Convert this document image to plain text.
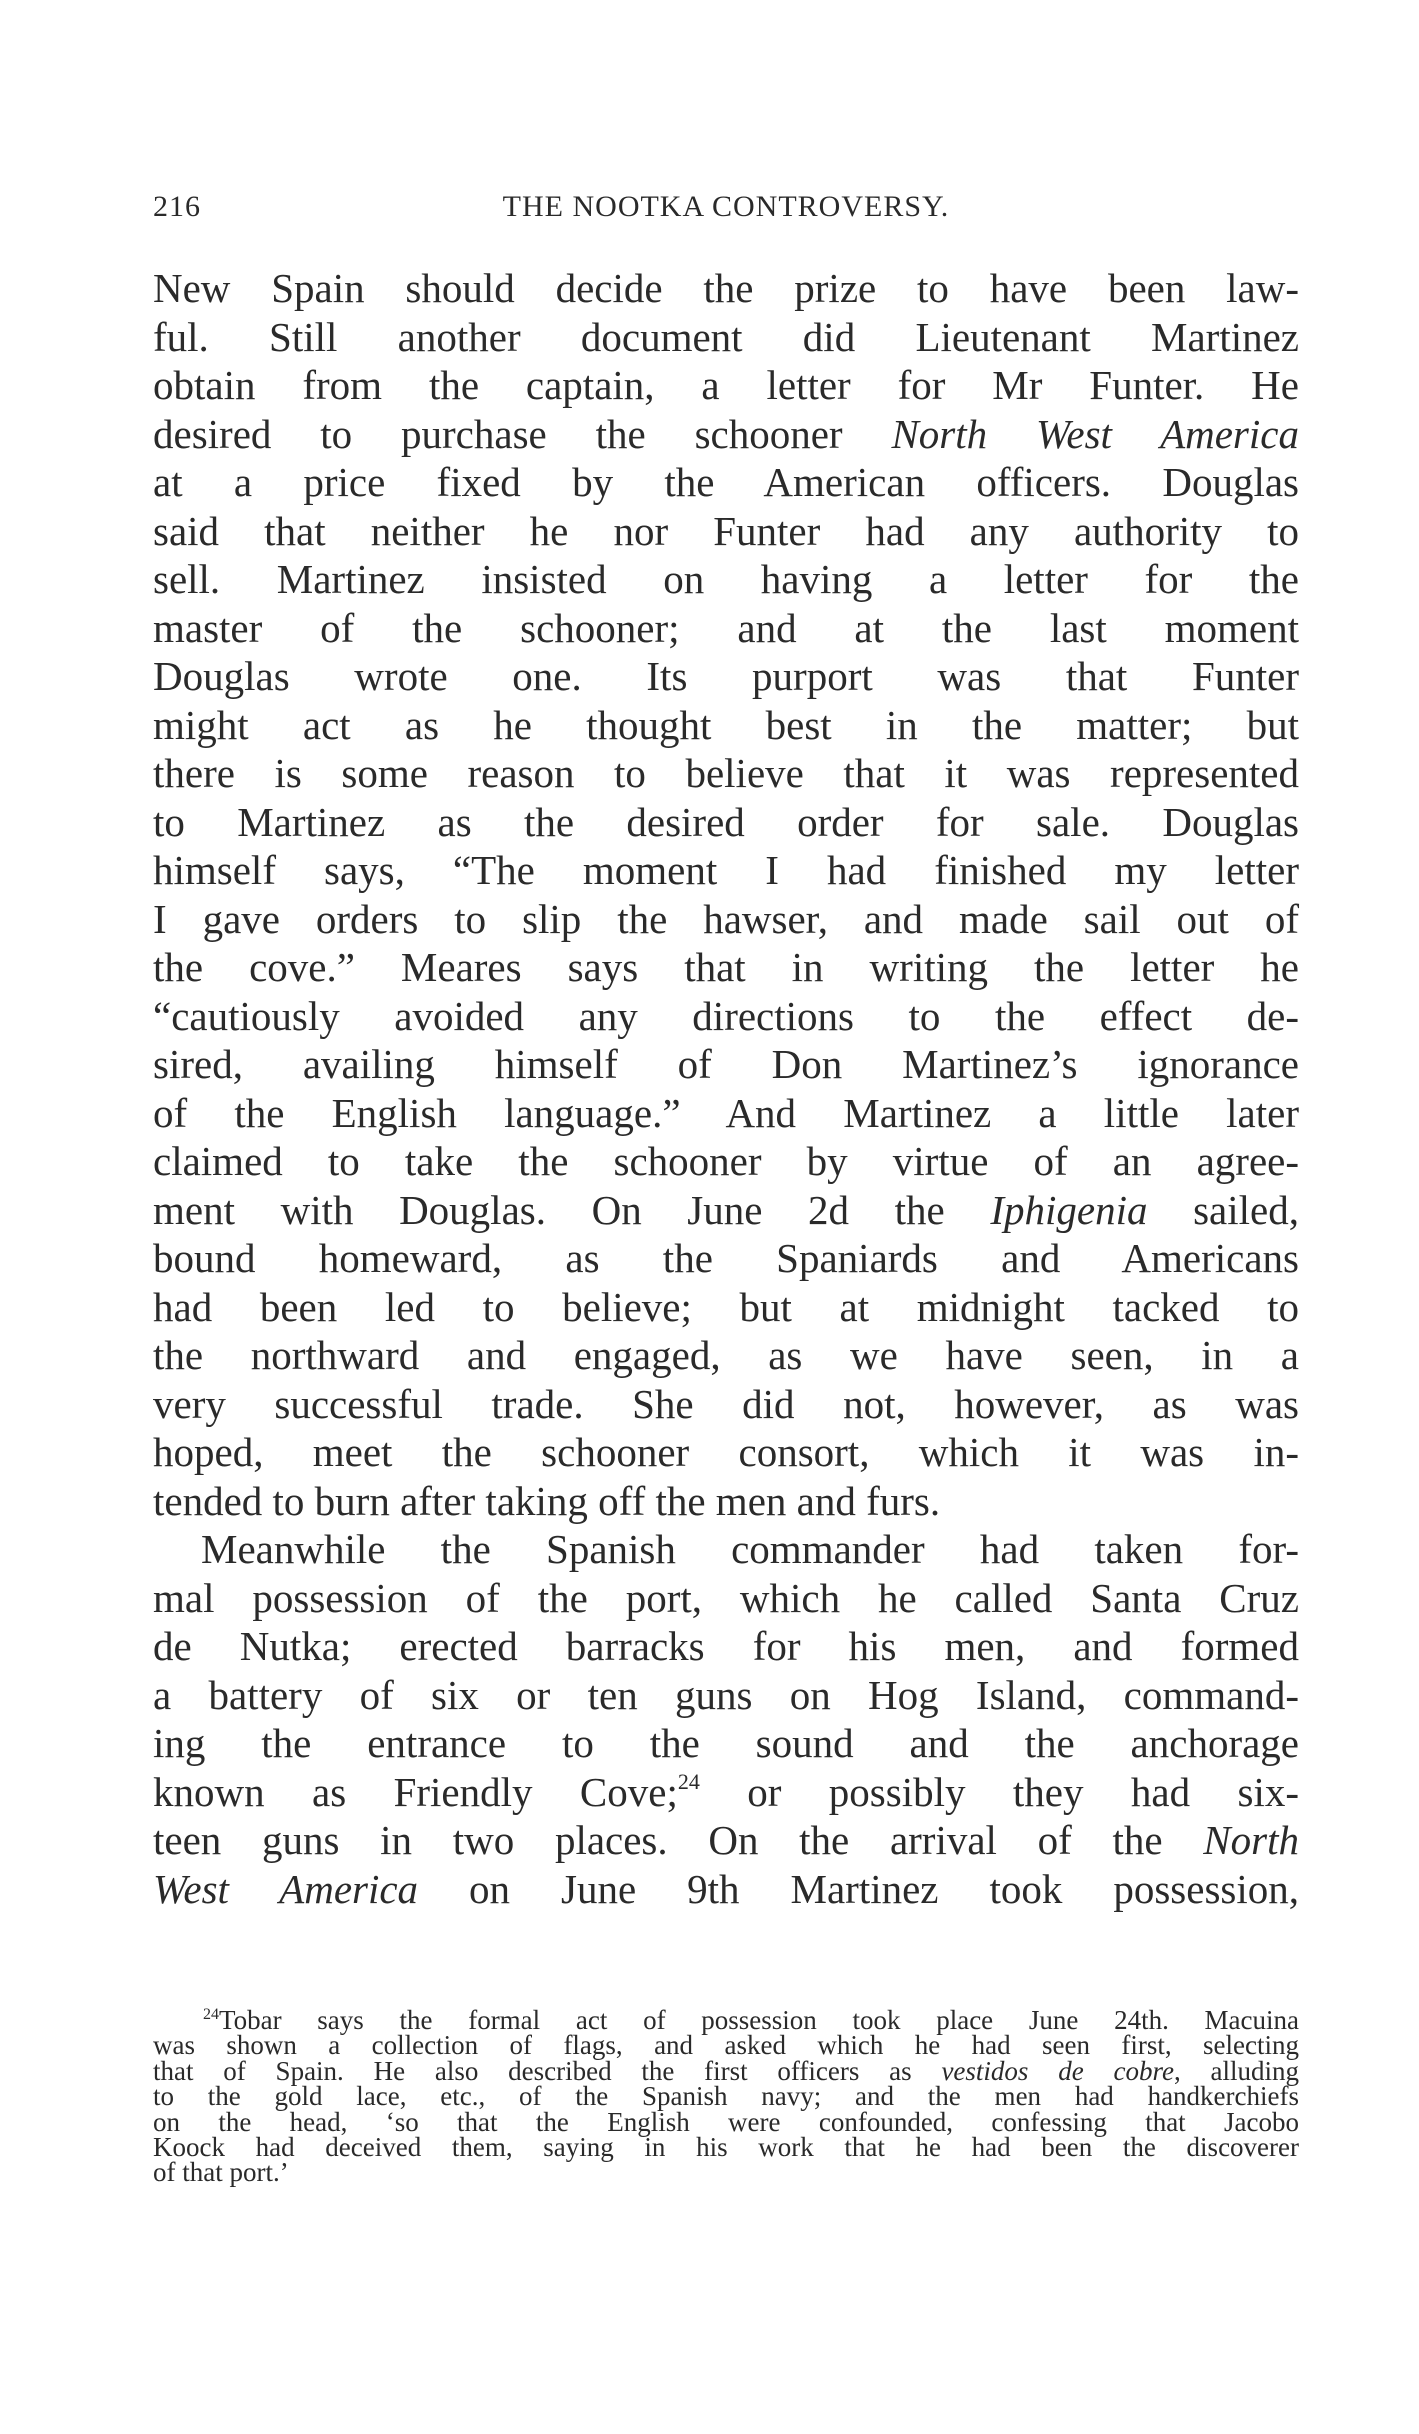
216	THE NOOTKA CONTROVERSY.
New Spain should decide the prize to have been law-
ful. Still another document did Lieutenant Martinez
obtain from the captain, a letter for Mr Funter. He
desired to purchase the schooner North West America
at a price fixed by the American officers. Douglas
said that neither he nor Funter had any authority to
sell. Martinez insisted on having a letter for the
master of the schooner; and at the last moment
Douglas wrote one. Its purport was that Funter
might act as he thought best in the matter; but
there is some reason to believe that it was represented
to Martinez as the desired order for sale. Douglas
himself says, “The moment I had finished my letter
I gave orders to slip the hawser, and made sail out of
the cove.” Meares says that in writing the letter he
“cautiously avoided any directions to the effect de-
sired, availing himself of Don Martinez’s ignorance
of the English language.” And Martinez a little later
claimed to take the schooner by virtue of an agree-
ment with Douglas. On June 2d the Iphigenia sailed,
bound homeward, as the Spaniards and Americans
had been led to believe; but at midnight tacked to
the northward and engaged, as we have seen, in a
very successful trade. She did not, however, as was
hoped, meet the schooner consort, which it was in-
tended to burn after taking off the men and furs.
Meanwhile the Spanish commander had taken for-
mal possession of the port, which he called Santa Cruz
de Nutka; erected barracks for his men, and formed
a battery of six or ten guns on Hog Island, command-
ing the entrance to the sound and the anchorage
known as Friendly Cove;$^{24}$ or possibly they had six-
teen guns in two places. On the arrival of the North
West America on June 9th Martinez took possession,
$^{24}$Tobar says the formal act of possession took place June 24th. Macuina
was shown a collection of flags, and asked which he had seen first, selecting
that of Spain. He also described the first officers as vestidos de cobre, alluding
to the gold lace, etc., of the Spanish navy; and the men had handkerchiefs
on the head, ‘so that the English were confounded, confessing that Jacobo
Koock had deceived them, saying in his work that he had been the discoverer
of that port.’
